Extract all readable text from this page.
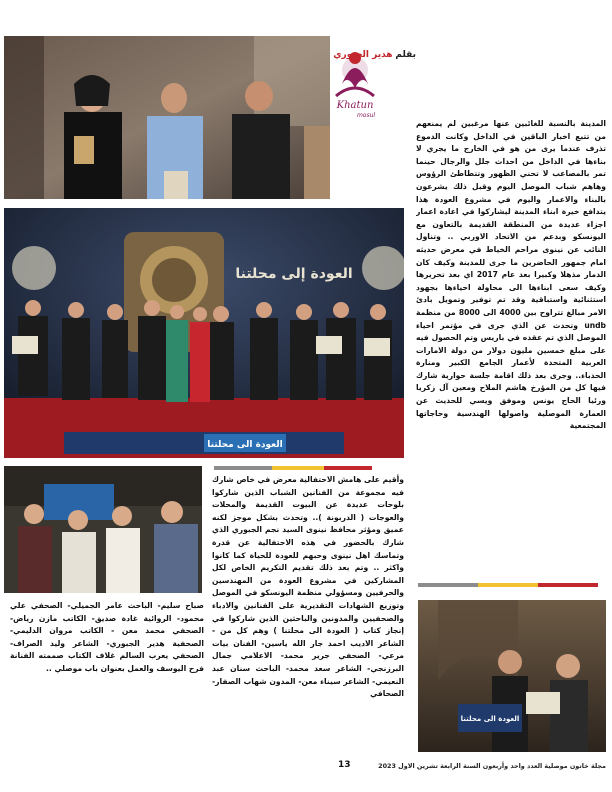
Khatun
mosul
بقلم هدير الجبوري
العودة إلى محلتنا
العودة الى محلتنا
العودة الى محلتنا

المدينة بالنسبة للغائبين عنها مرغبين لم يمنعهم من تتبع اخبار الباقين في الداخل وكانت الدموع تذرف عندما يرى من هو في الخارج ما يجري لا بناءها في الداخل من احداث جلل والرجال حينما تمر بالمصاعب لا تحني الظهور وتتطاطئ الرؤوس وهاهم شباب الموصل اليوم وقبل ذلك يشرعون بالبناء والاعمار واليوم في مشروع العودة هذا يتدافع خيرة ابناء المدينة ليشاركوا في اعادة اعمار اجزاء عديدة من المنطقة القديمة بالتعاون مع اليونسكو وبدعم من الاتحاد الاوربي .. وتناول النائب عن نينوى مراحم الخياط في معرض حديثه امام جمهور الحاضرين ما جرى للمدينة وكيف كان الدمار مذهلا وكبيرا بعد عام 2017 اي بعد تحريرها وكيف سعى ابناءها الى محاولة احياءها بجهود استثنائية واستباقية وقد تم توفير وتمويل بادئ الامر مبالغ تتراوح بين 4000 الى 8000 من منظمة undb وتحدث عن الذي جرى في مؤتمر احياء الموصل الذي تم عقده في باريس وتم الحصول فيه على مبلغ خمسين مليون دولار من دولة الامارات العربية المتحدة لأعمار الجامع الكبير ومنارة الحدباء.. وجرى بعد ذلك اقامة جلسة حوارية شارك فيها كل من المؤرخ هاشم الملاح ومعين آل زكريا ورئيا الحاج يونس وموفق ويسي للحديث عن العمارة الموصلية واصولها الهندسية وحاجاتها المجتمعية

وأقيم على هامش الاحتفالية معرض في خاص شارك فيه مجموعة من الفنانين الشباب الذين شاركوا بلوحات عديدة عن البيوت القديمة والمحلات والعوجات ( الدربونة ).. وتحدث بشكل موجز لكنه عميق ومؤثر محافظ نينوى السيد نجم الجبوري الذي شارك بالحضور في هذه الاحتفالية عن قدرة وتماسك اهل نينوى وحبهم للعودة للحياة كما كانوا واكثر .. وتم بعد ذلك تقديم التكريم الخاص لكل المشاركين في مشروع العودة من المهندسين والحرفيين ومسؤولي منظمة اليونسكو في الموصل وتوزيع الشهادات التقديرية على الفنانين والادباء والصحفيين والمدونين والباحثين الذين شاركوا في إنجاز كتاب ( العودة الى محلتنا ) وهم كل من - الشاعر الاديب احمد جار الله ياسين- الفنان بيات مرعي- الصحفي جرير محمد- الاعلامي جمال البرزنجي- الشاعر سعد محمد- الباحث سنان عبد النعيمي- الشاعر سيناء معن- المدون شهاب الصفار- الصحافي

صباح سليم- الباحث عامر الجميلي- الصحفي علي محمود- الروائية غادة صديق- الكاتب مازن رياض- الصحفي محمد معن - الكاتب مروان الدليمي- الصحفية هدير الجبوري- الشاعر وليد الصراف- الصحفي يعرب السالم غلاف الكتاب صممته الفنانة فرح اليوسف والعمل بعنوان باب موصلي ..

13	مجلة خاتون موصلية العدد واحد وأربعون السنة الرابعة تشرين الاول 2023
